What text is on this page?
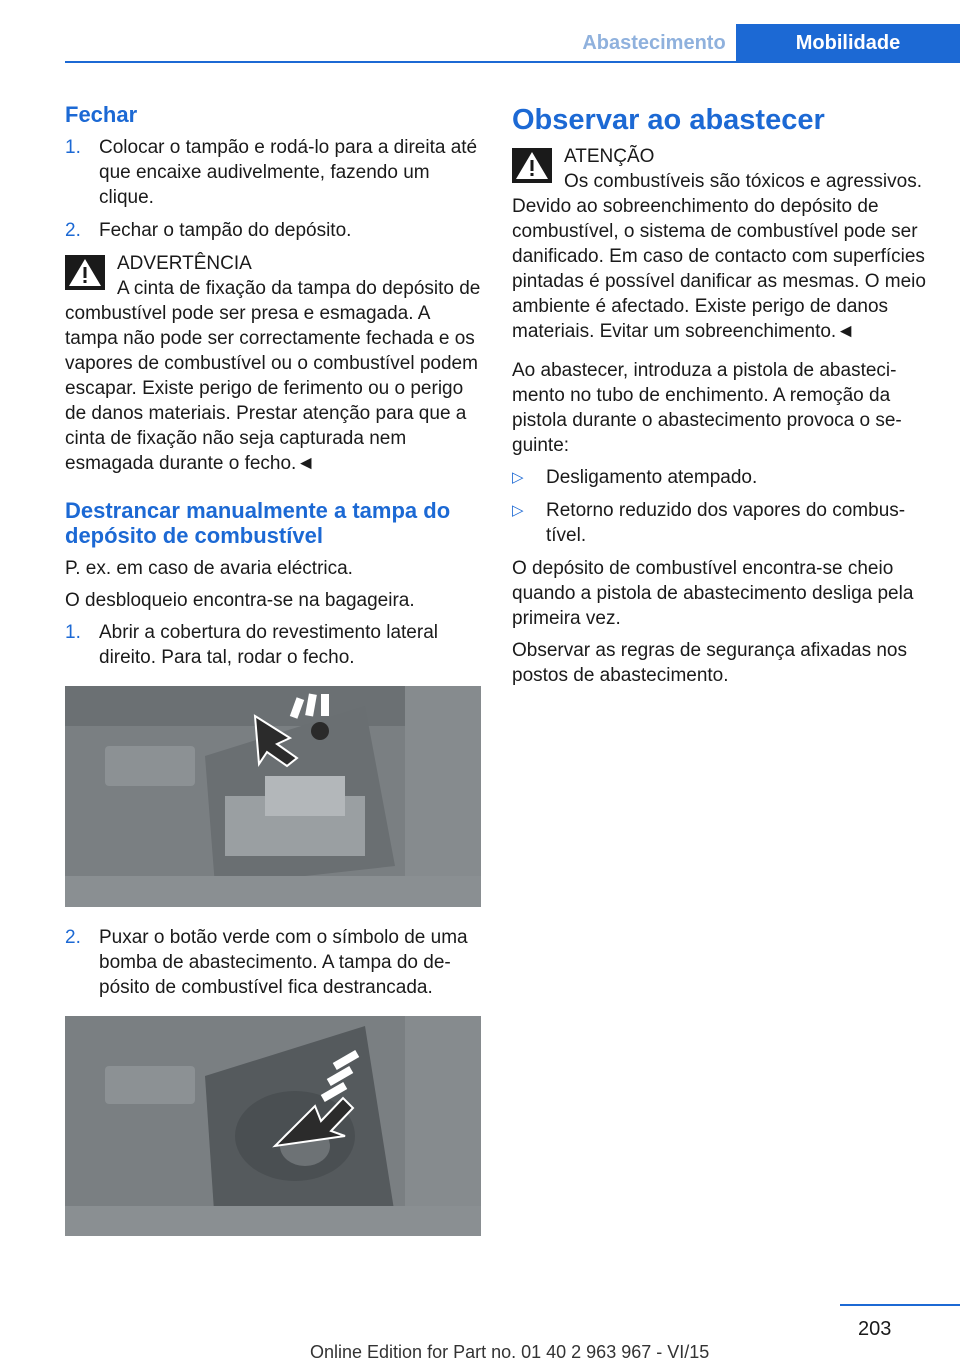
Abastecimento	Mobilidade
Fechar
1. Colocar o tampão e rodá-lo para a direita até que encaixe audivelmente, fazendo um clique.
2. Fechar o tampão do depósito.
ADVERTÊNCIA
A cinta de fixação da tampa do depósito de combustível pode ser presa e esmagada. A tampa não pode ser correctamente fechada e os vapores de combustível ou o combustível podem escapar. Existe perigo de ferimento ou o perigo de danos materiais. Prestar atenção para que a cinta de fixação não seja capturada nem esmagada durante o fecho.◄
Destrancar manualmente a tampa do depósito de combustível
P. ex. em caso de avaria eléctrica.
O desbloqueio encontra-se na bagageira.
1. Abrir a cobertura do revestimento lateral direito. Para tal, rodar o fecho.
2. Puxar o botão verde com o símbolo de uma bomba de abastecimento. A tampa do depósito de combustível fica destrancada.
Observar ao abastecer
ATENÇÃO
Os combustíveis são tóxicos e agressivos. Devido ao sobreenchimento do depósito de combustível, o sistema de combustível pode ser danificado. Em caso de contacto com superfícies pintadas é possível danificar as mesmas. O meio ambiente é afectado. Existe perigo de danos materiais. Evitar um sobreenchimento.◄
Ao abastecer, introduza a pistola de abastecimento no tubo de enchimento. A remoção da pistola durante o abastecimento provoca o seguinte:
▷	Desligamento atempado.
▷	Retorno reduzido dos vapores do combustível.
O depósito de combustível encontra-se cheio quando a pistola de abastecimento desliga pela primeira vez.
Observar as regras de segurança afixadas nos postos de abastecimento.
203
Online Edition for Part no. 01 40 2 963 967 - VI/15
